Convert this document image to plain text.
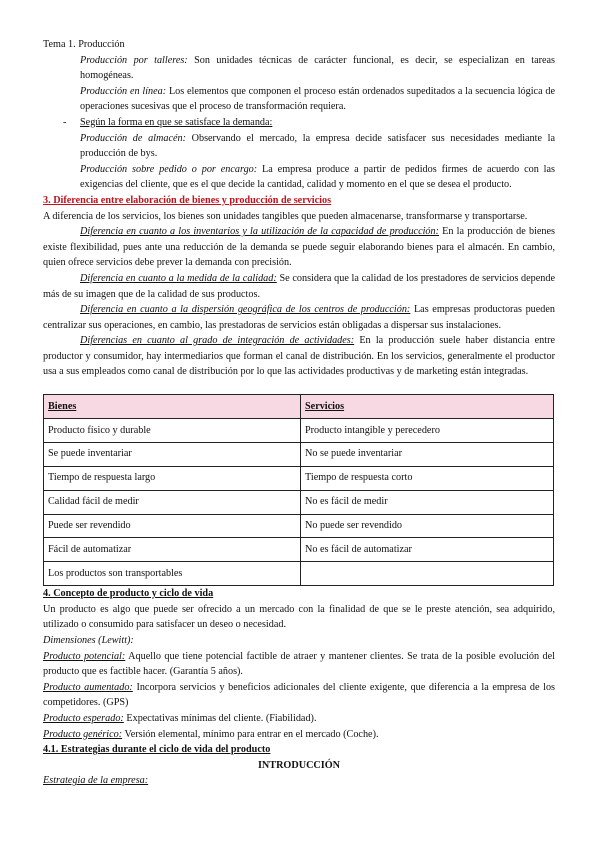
Tema 1. Producción

Producción por talleres: Son unidades técnicas de carácter funcional, es decir, se especializan en tareas homogéneas.

Producción en línea: Los elementos que componen el proceso están ordenados supeditados a la secuencia lógica de operaciones sucesivas que el proceso de transformación requiera.

- Según la forma en que se satisface la demanda:

Producción de almacén: Observando el mercado, la empresa decide satisfacer sus necesidades mediante la producción de bys.

Producción sobre pedido o por encargo: La empresa produce a partir de pedidos firmes de acuerdo con las exigencias del cliente, que es el que decide la cantidad, calidad y momento en el que se desea el producto.

3. Diferencia entre elaboración de bienes y producción de servicios

A diferencia de los servicios, los bienes son unidades tangibles que pueden almacenarse, transformarse y transportarse.

Diferencia en cuanto a los inventarios y la utilización de la capacidad de producción: En la producción de bienes existe flexibilidad, pues ante una reducción de la demanda se puede seguir elaborando bienes para el almacén. En cambio, quien ofrece servicios debe prever la demanda con precisión.

Diferencia en cuanto a la medida de la calidad: Se considera que la calidad de los prestadores de servicios depende más de su imagen que de la calidad de sus productos.

Diferencia en cuanto a la dispersión geográfica de los centros de producción: Las empresas productoras pueden centralizar sus operaciones, en cambio, las prestadoras de servicios están obligadas a dispersar sus instalaciones.

Diferencias en cuanto al grado de integración de actividades: En la producción suele haber distancia entre productor y consumidor, hay intermediarios que forman el canal de distribución. En los servicios, generalmente el productor usa a sus empleados como canal de distribución por lo que las actividades productivas y de marketing están integradas.

Bienes	Servicios
Producto físico y durable	Producto intangible y perecedero
Se puede inventariar	No se puede inventariar
Tiempo de respuesta largo	Tiempo de respuesta corto
Calidad fácil de medir	No es fácil de medir
Puede ser revendido	No puede ser revendido
Fácil de automatizar	No es fácil de automatizar
Los productos son transportables	

4. Concepto de producto y ciclo de vida

Un producto es algo que puede ser ofrecido a un mercado con la finalidad de que se le preste atención, sea adquirido, utilizado o consumido para satisfacer un deseo o necesidad.

Dimensiones (Lewitt):

Producto potencial: Aquello que tiene potencial factible de atraer y mantener clientes. Se trata de la posible evolución del producto que es factible hacer. (Garantía 5 años).

Producto aumentado: Incorpora servicios y beneficios adicionales del cliente exigente, que diferencia a la empresa de los competidores. (GPS)

Producto esperado: Expectativas mínimas del cliente. (Fiabilidad).

Producto genérico: Versión elemental, mínimo para entrar en el mercado (Coche).

4.1. Estrategias durante el ciclo de vida del producto

INTRODUCCIÓN

Estrategia de la empresa:
